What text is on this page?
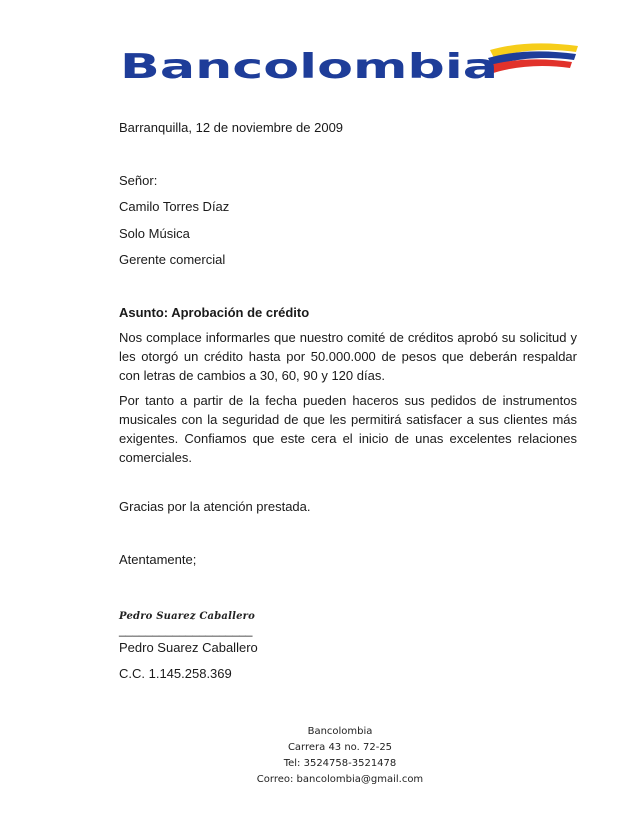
Bancolombia
Barranquilla, 12 de noviembre de 2009
Señor:
Camilo Torres Díaz
Solo Música
Gerente comercial
Asunto: Aprobación de crédito

Nos complace informarles que nuestro comité de créditos aprobó su solicitud y les otorgó un crédito hasta por 50.000.000 de pesos que deberán respaldar con letras de cambios a 30, 60, 90 y 120 días.

Por tanto a partir de la fecha pueden haceros sus pedidos de instrumentos musicales con la seguridad de que les permitirá satisfacer a sus clientes más exigentes. Confiamos que este cera el inicio de unas excelentes relaciones comerciales.

Gracias por la atención prestada.
Atentamente;
Pedro Suarez Caballero
____________________
Pedro Suarez Caballero
C.C. 1.145.258.369
Bancolombia
Carrera 43 no. 72-25
Tel: 3524758-3521478
Correo: bancolombia@gmail.com
